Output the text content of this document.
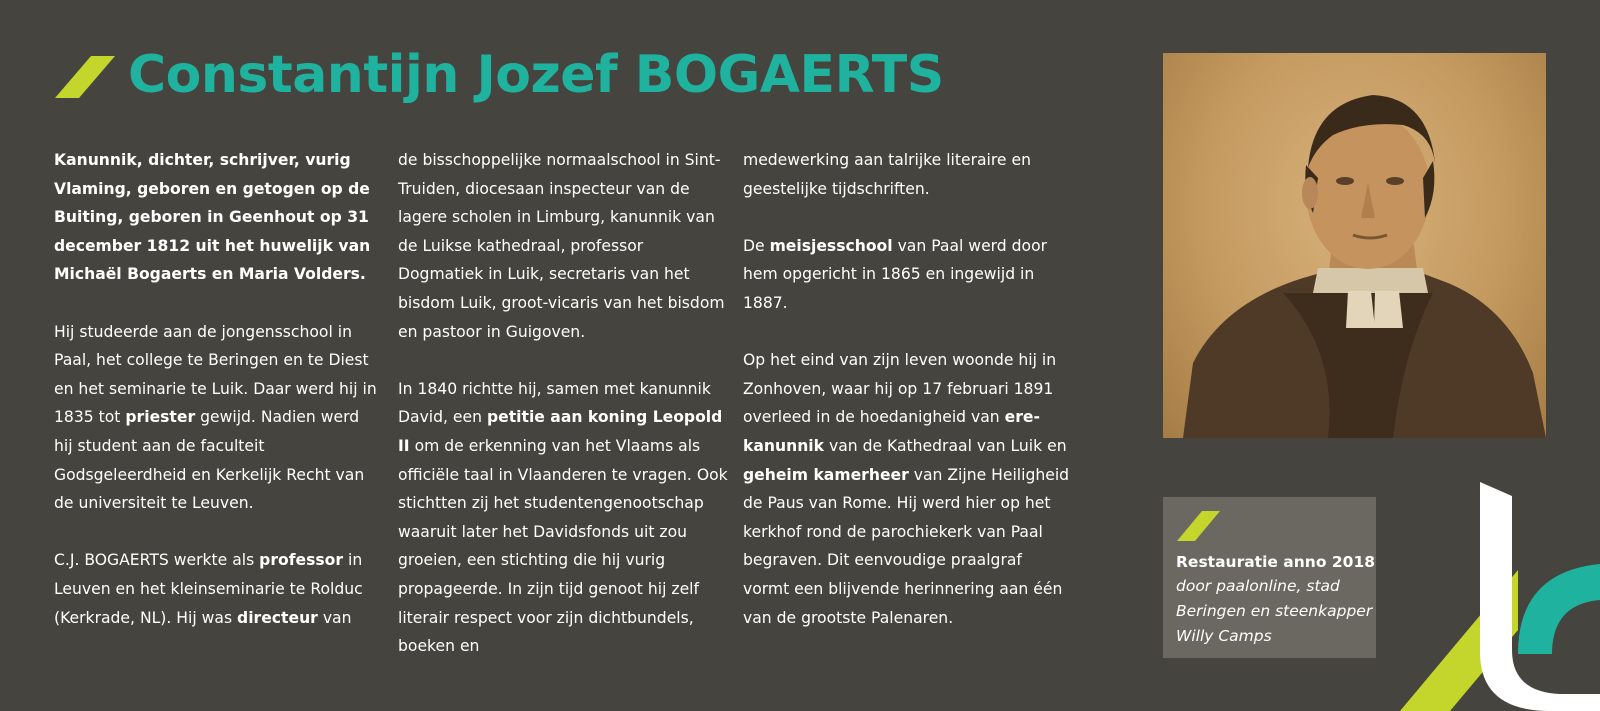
Constantijn Jozef BOGAERTS

Kanunnik, dichter, schrijver, vurig Vlaming, geboren en getogen op de Buiting, geboren in Geenhout op 31 december 1812 uit het huwelijk van Michaël Bogaerts en Maria Volders.

Hij studeerde aan de jongensschool in Paal, het college te Beringen en te Diest en het seminarie te Luik. Daar werd hij in 1835 tot priester gewijd. Nadien werd hij student aan de faculteit Godsgeleerdheid en Kerkelijk Recht van de universiteit te Leuven.

C.J. BOGAERTS werkte als professor in Leuven en het kleinseminarie te Rolduc (Kerkrade, NL). Hij was directeur van

de bisschoppelijke normaalschool in Sint-Truiden, diocesaan inspecteur van de lagere scholen in Limburg, kanunnik van de Luikse kathedraal, professor Dogmatiek in Luik, secretaris van het bisdom Luik, groot-vicaris van het bisdom en pastoor in Guigoven.

In 1840 richtte hij, samen met kanunnik David, een petitie aan koning Leopold II om de erkenning van het Vlaams als officiële taal in Vlaanderen te vragen. Ook stichtten zij het studentengenootschap waaruit later het Davidsfonds uit zou groeien, een stichting die hij vurig propageerde. In zijn tijd genoot hij zelf literair respect voor zijn dichtbundels, boeken en

medewerking aan talrijke literaire en geestelijke tijdschriften.

De meisjesschool van Paal werd door hem opgericht in 1865 en ingewijd in 1887.

Op het eind van zijn leven woonde hij in Zonhoven, waar hij op 17 februari 1891 overleed in de hoedanigheid van ere-kanunnik van de Kathedraal van Luik en geheim kamerheer van Zijne Heiligheid de Paus van Rome. Hij werd hier op het kerkhof rond de parochiekerk van Paal begraven. Dit eenvoudige praalgraf vormt een blijvende herinnering aan één van de grootste Palenaren.

Restauratie anno 2018
door paalonline, stad Beringen en steenkapper Willy Camps
